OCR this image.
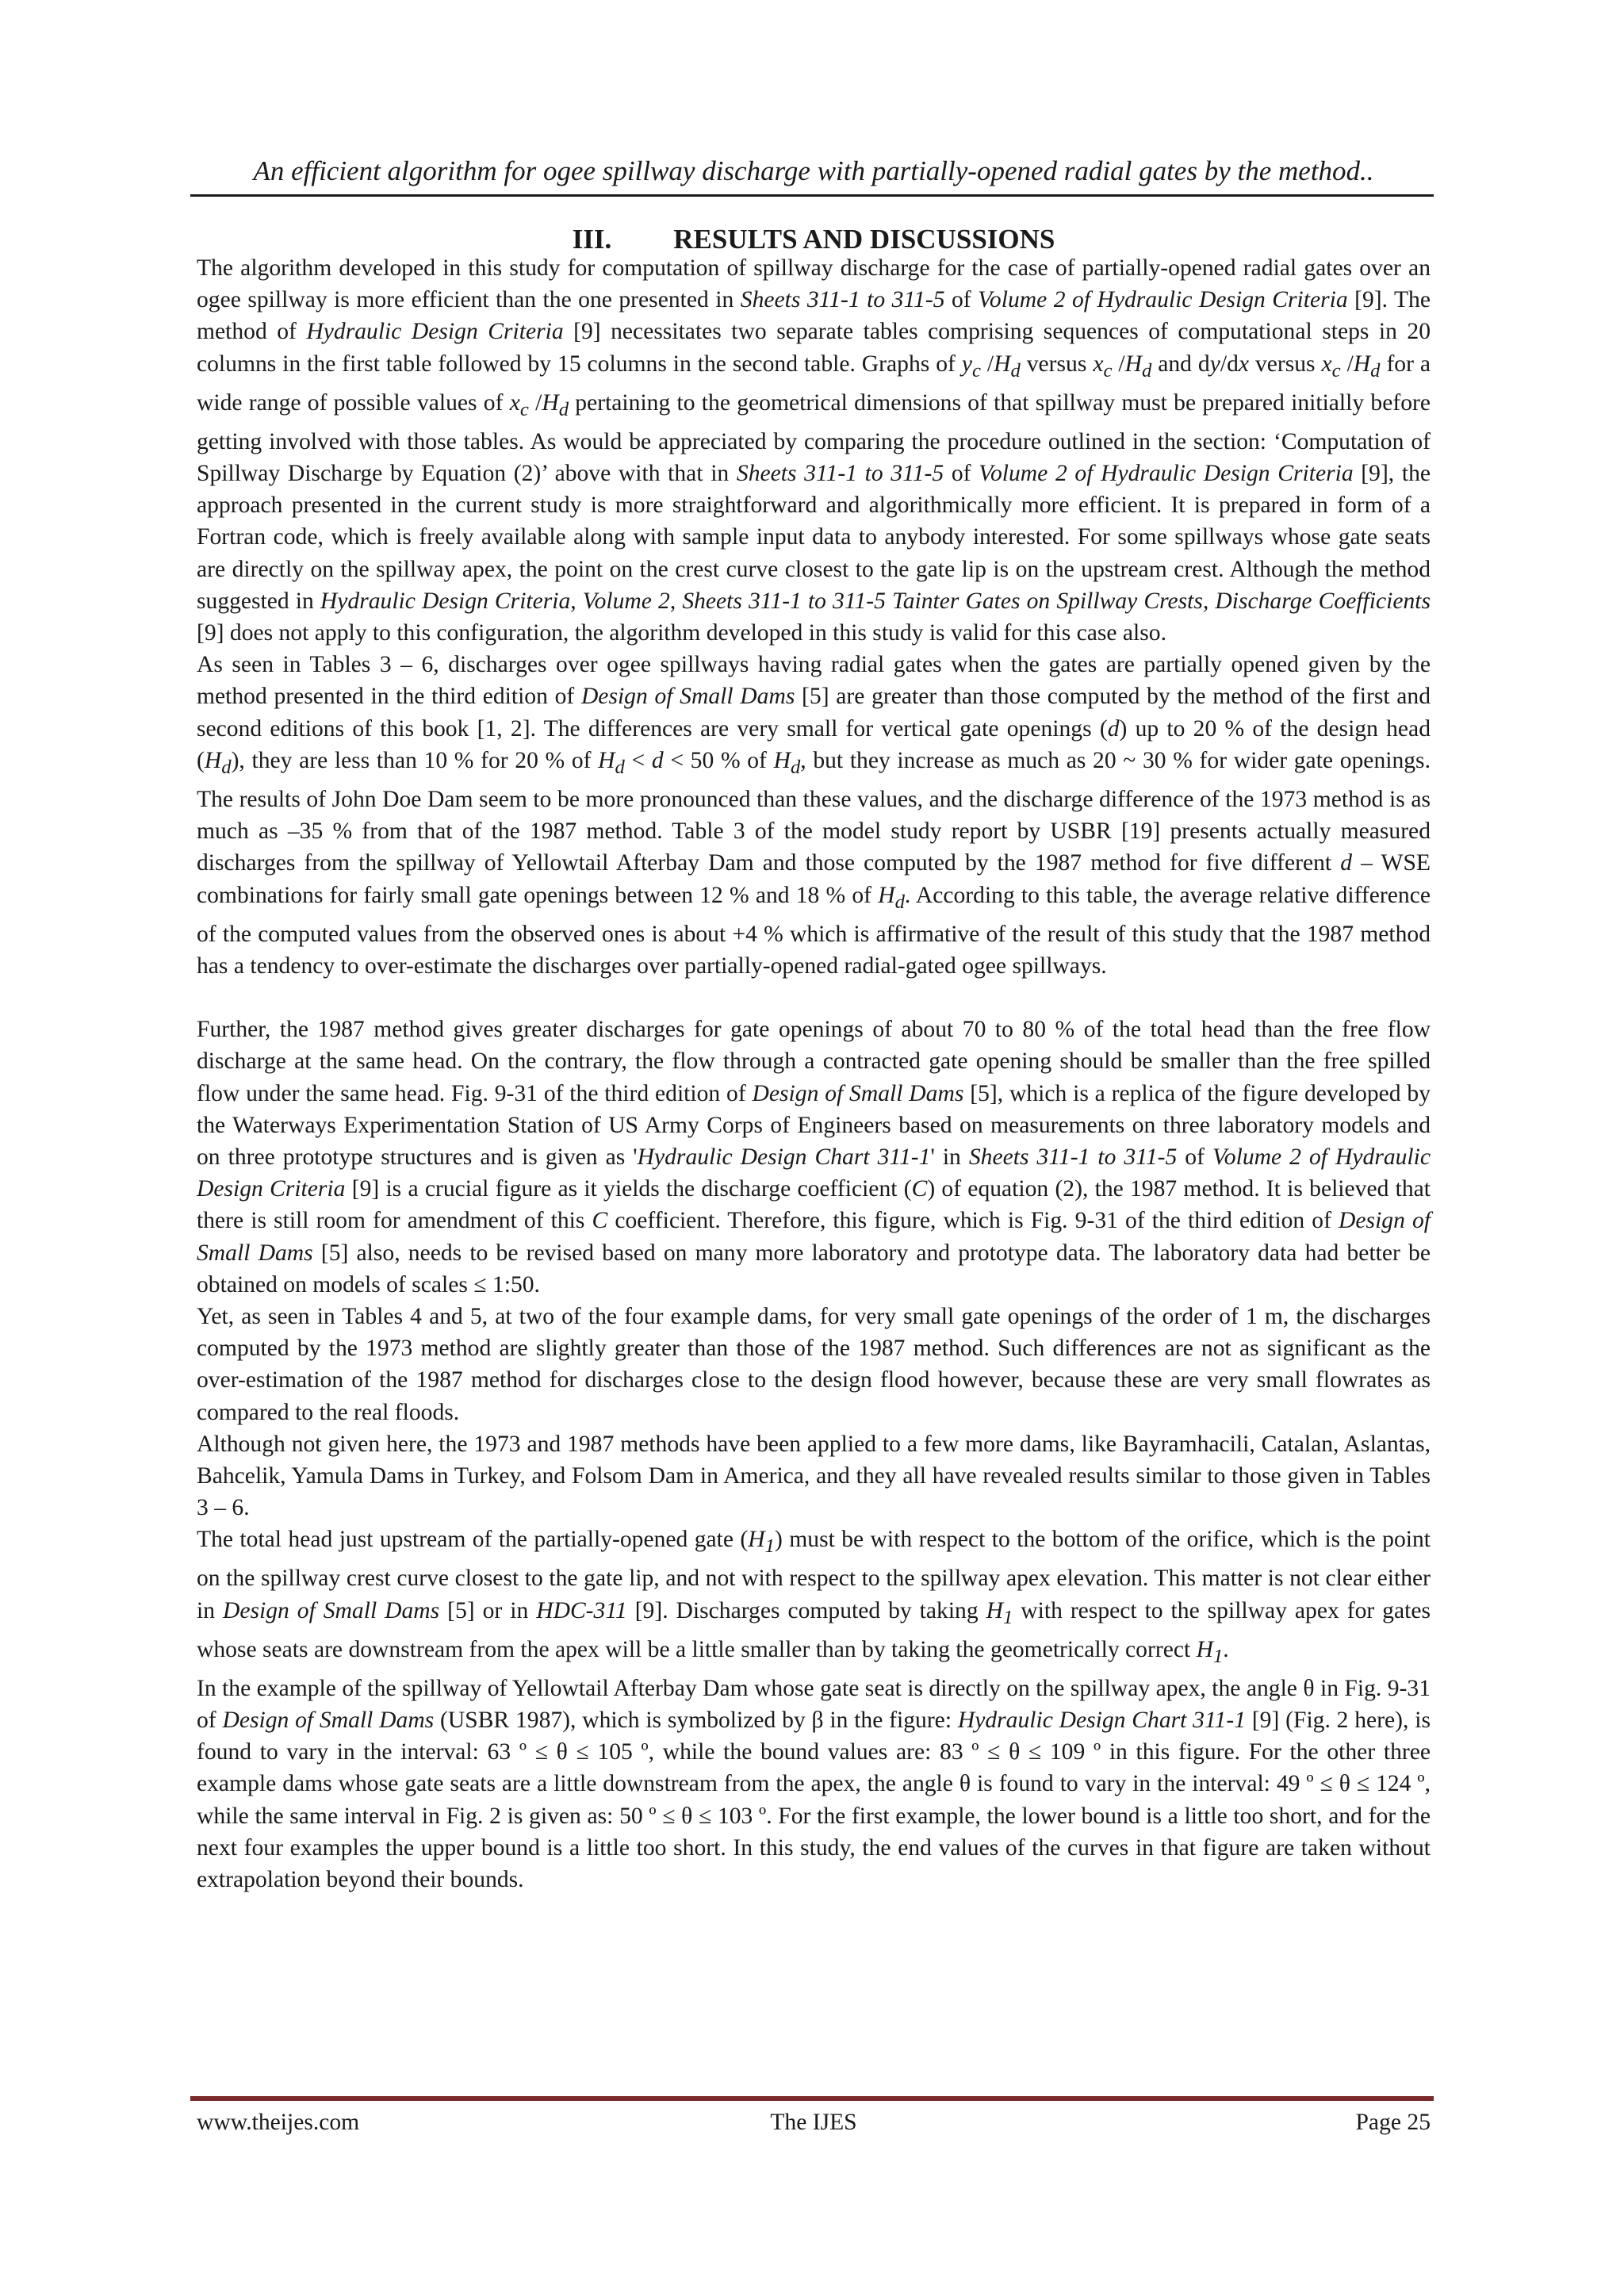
An efficient algorithm for ogee spillway discharge with partially-opened radial gates by the method..
III. RESULTS AND DISCUSSIONS

The algorithm developed in this study for computation of spillway discharge for the case of partially-opened radial gates over an ogee spillway is more efficient than the one presented in Sheets 311-1 to 311-5 of Volume 2 of Hydraulic Design Criteria [9]. The method of Hydraulic Design Criteria [9] necessitates two separate tables comprising sequences of computational steps in 20 columns in the first table followed by 15 columns in the second table. Graphs of $y_c$ $/H_d$ versus $x_c$ $/H_d$ and dy/dx versus $x_c$ $/H_d$ for a wide range of possible values of $x_c$ $/H_d$ pertaining to the geometrical dimensions of that spillway must be prepared initially before getting involved with those tables. As would be appreciated by comparing the procedure outlined in the section: ‘Computation of Spillway Discharge by Equation (2)’ above with that in Sheets 311-1 to 311-5 of Volume 2 of Hydraulic Design Criteria [9], the approach presented in the current study is more straightforward and algorithmically more efficient. It is prepared in form of a Fortran code, which is freely available along with sample input data to anybody interested. For some spillways whose gate seats are directly on the spillway apex, the point on the crest curve closest to the gate lip is on the upstream crest. Although the method suggested in Hydraulic Design Criteria, Volume 2, Sheets 311-1 to 311-5 Tainter Gates on Spillway Crests, Discharge Coefficients [9] does not apply to this configuration, the algorithm developed in this study is valid for this case also.

As seen in Tables 3 – 6, discharges over ogee spillways having radial gates when the gates are partially opened given by the method presented in the third edition of Design of Small Dams [5] are greater than those computed by the method of the first and second editions of this book [1, 2]. The differences are very small for vertical gate openings (d) up to 20 % of the design head $(H_d)$, they are less than 10 % for 20 % of $H_d < d < 50$ % of $H_d$, but they increase as much as 20 ~ 30 % for wider gate openings. The results of John Doe Dam seem to be more pronounced than these values, and the discharge difference of the 1973 method is as much as –35 % from that of the 1987 method. Table 3 of the model study report by USBR [19] presents actually measured discharges from the spillway of Yellowtail Afterbay Dam and those computed by the 1987 method for five different d – WSE combinations for fairly small gate openings between 12 % and 18 % of $H_d$. According to this table, the average relative difference of the computed values from the observed ones is about +4 % which is affirmative of the result of this study that the 1987 method has a tendency to over-estimate the discharges over partially-opened radial-gated ogee spillways.

Further, the 1987 method gives greater discharges for gate openings of about 70 to 80 % of the total head than the free flow discharge at the same head. On the contrary, the flow through a contracted gate opening should be smaller than the free spilled flow under the same head. Fig. 9-31 of the third edition of Design of Small Dams [5], which is a replica of the figure developed by the Waterways Experimentation Station of US Army Corps of Engineers based on measurements on three laboratory models and on three prototype structures and is given as 'Hydraulic Design Chart 311-1' in Sheets 311-1 to 311-5 of Volume 2 of Hydraulic Design Criteria [9] is a crucial figure as it yields the discharge coefficient (C) of equation (2), the 1987 method. It is believed that there is still room for amendment of this C coefficient. Therefore, this figure, which is Fig. 9-31 of the third edition of Design of Small Dams [5] also, needs to be revised based on many more laboratory and prototype data. The laboratory data had better be obtained on models of scales ≤ 1:50.

Yet, as seen in Tables 4 and 5, at two of the four example dams, for very small gate openings of the order of 1 m, the discharges computed by the 1973 method are slightly greater than those of the 1987 method. Such differences are not as significant as the over-estimation of the 1987 method for discharges close to the design flood however, because these are very small flowrates as compared to the real floods.

Although not given here, the 1973 and 1987 methods have been applied to a few more dams, like Bayramhacili, Catalan, Aslantas, Bahcelik, Yamula Dams in Turkey, and Folsom Dam in America, and they all have revealed results similar to those given in Tables 3 – 6.

The total head just upstream of the partially-opened gate $(H_1)$ must be with respect to the bottom of the orifice, which is the point on the spillway crest curve closest to the gate lip, and not with respect to the spillway apex elevation. This matter is not clear either in Design of Small Dams [5] or in HDC-311 [9]. Discharges computed by taking $H_1$ with respect to the spillway apex for gates whose seats are downstream from the apex will be a little smaller than by taking the geometrically correct $H_1$.

In the example of the spillway of Yellowtail Afterbay Dam whose gate seat is directly on the spillway apex, the angle θ in Fig. 9-31 of Design of Small Dams (USBR 1987), which is symbolized by β in the figure: Hydraulic Design Chart 311-1 [9] (Fig. 2 here), is found to vary in the interval: 63 º ≤ θ ≤ 105 º, while the bound values are: 83 º ≤ θ ≤ 109 º in this figure. For the other three example dams whose gate seats are a little downstream from the apex, the angle θ is found to vary in the interval: 49 º ≤ θ ≤ 124 º, while the same interval in Fig. 2 is given as: 50 º ≤ θ ≤ 103 º. For the first example, the lower bound is a little too short, and for the next four examples the upper bound is a little too short. In this study, the end values of the curves in that figure are taken without extrapolation beyond their bounds.

www.theijes.com	The IJES	Page 25
